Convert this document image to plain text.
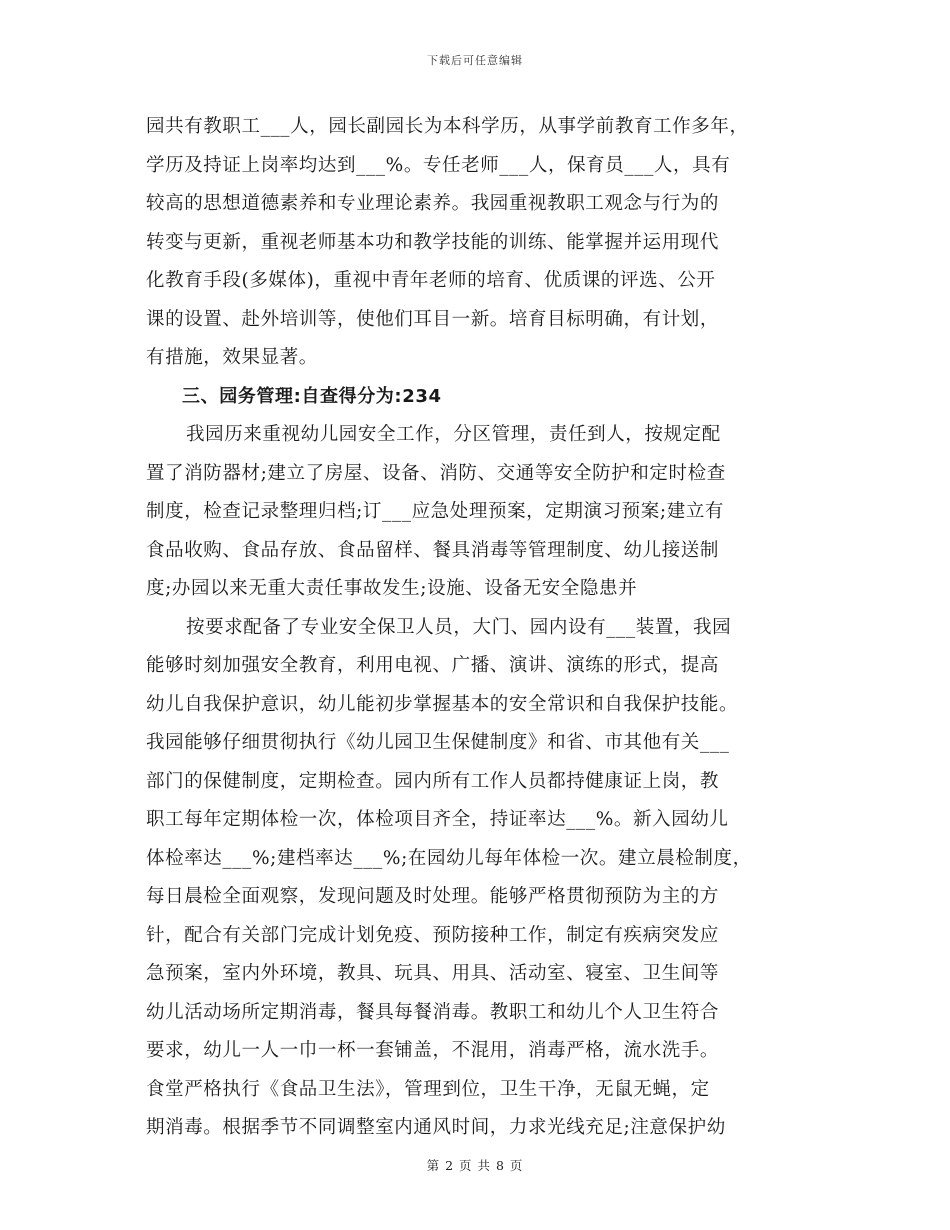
下载后可任意编辑
园共有教职工___人，园长副园长为本科学历，从事学前教育工作多年，
学历及持证上岗率均达到___%。专任老师___人，保育员___人，具有
较高的思想道德素养和专业理论素养。我园重视教职工观念与行为的
转变与更新，重视老师基本功和教学技能的训练、能掌握并运用现代
化教育手段(多媒体)，重视中青年老师的培育、优质课的评选、公开
课的设置、赴外培训等，使他们耳目一新。培育目标明确，有计划，
有措施，效果显著。
三、园务管理:自查得分为:234
我园历来重视幼儿园安全工作，分区管理，责任到人，按规定配
置了消防器材;建立了房屋、设备、消防、交通等安全防护和定时检查
制度，检查记录整理归档;订___应急处理预案，定期演习预案;建立有
食品收购、食品存放、食品留样、餐具消毒等管理制度、幼儿接送制
度;办园以来无重大责任事故发生;设施、设备无安全隐患并
按要求配备了专业安全保卫人员，大门、园内设有___装置，我园
能够时刻加强安全教育，利用电视、广播、演讲、演练的形式，提高
幼儿自我保护意识，幼儿能初步掌握基本的安全常识和自我保护技能。
我园能够仔细贯彻执行《幼儿园卫生保健制度》和省、市其他有关___
部门的保健制度，定期检查。园内所有工作人员都持健康证上岗，教
职工每年定期体检一次，体检项目齐全，持证率达___%。新入园幼儿
体检率达___%;建档率达___%;在园幼儿每年体检一次。建立晨检制度，
每日晨检全面观察，发现问题及时处理。能够严格贯彻预防为主的方
针，配合有关部门完成计划免疫、预防接种工作，制定有疾病突发应
急预案，室内外环境，教具、玩具、用具、活动室、寝室、卫生间等
幼儿活动场所定期消毒，餐具每餐消毒。教职工和幼儿个人卫生符合
要求，幼儿一人一巾一杯一套铺盖，不混用，消毒严格，流水洗手。
食堂严格执行《食品卫生法》，管理到位，卫生干净，无鼠无蝇，定
期消毒。根据季节不同调整室内通风时间，力求光线充足;注意保护幼
第 2 页 共 8 页
